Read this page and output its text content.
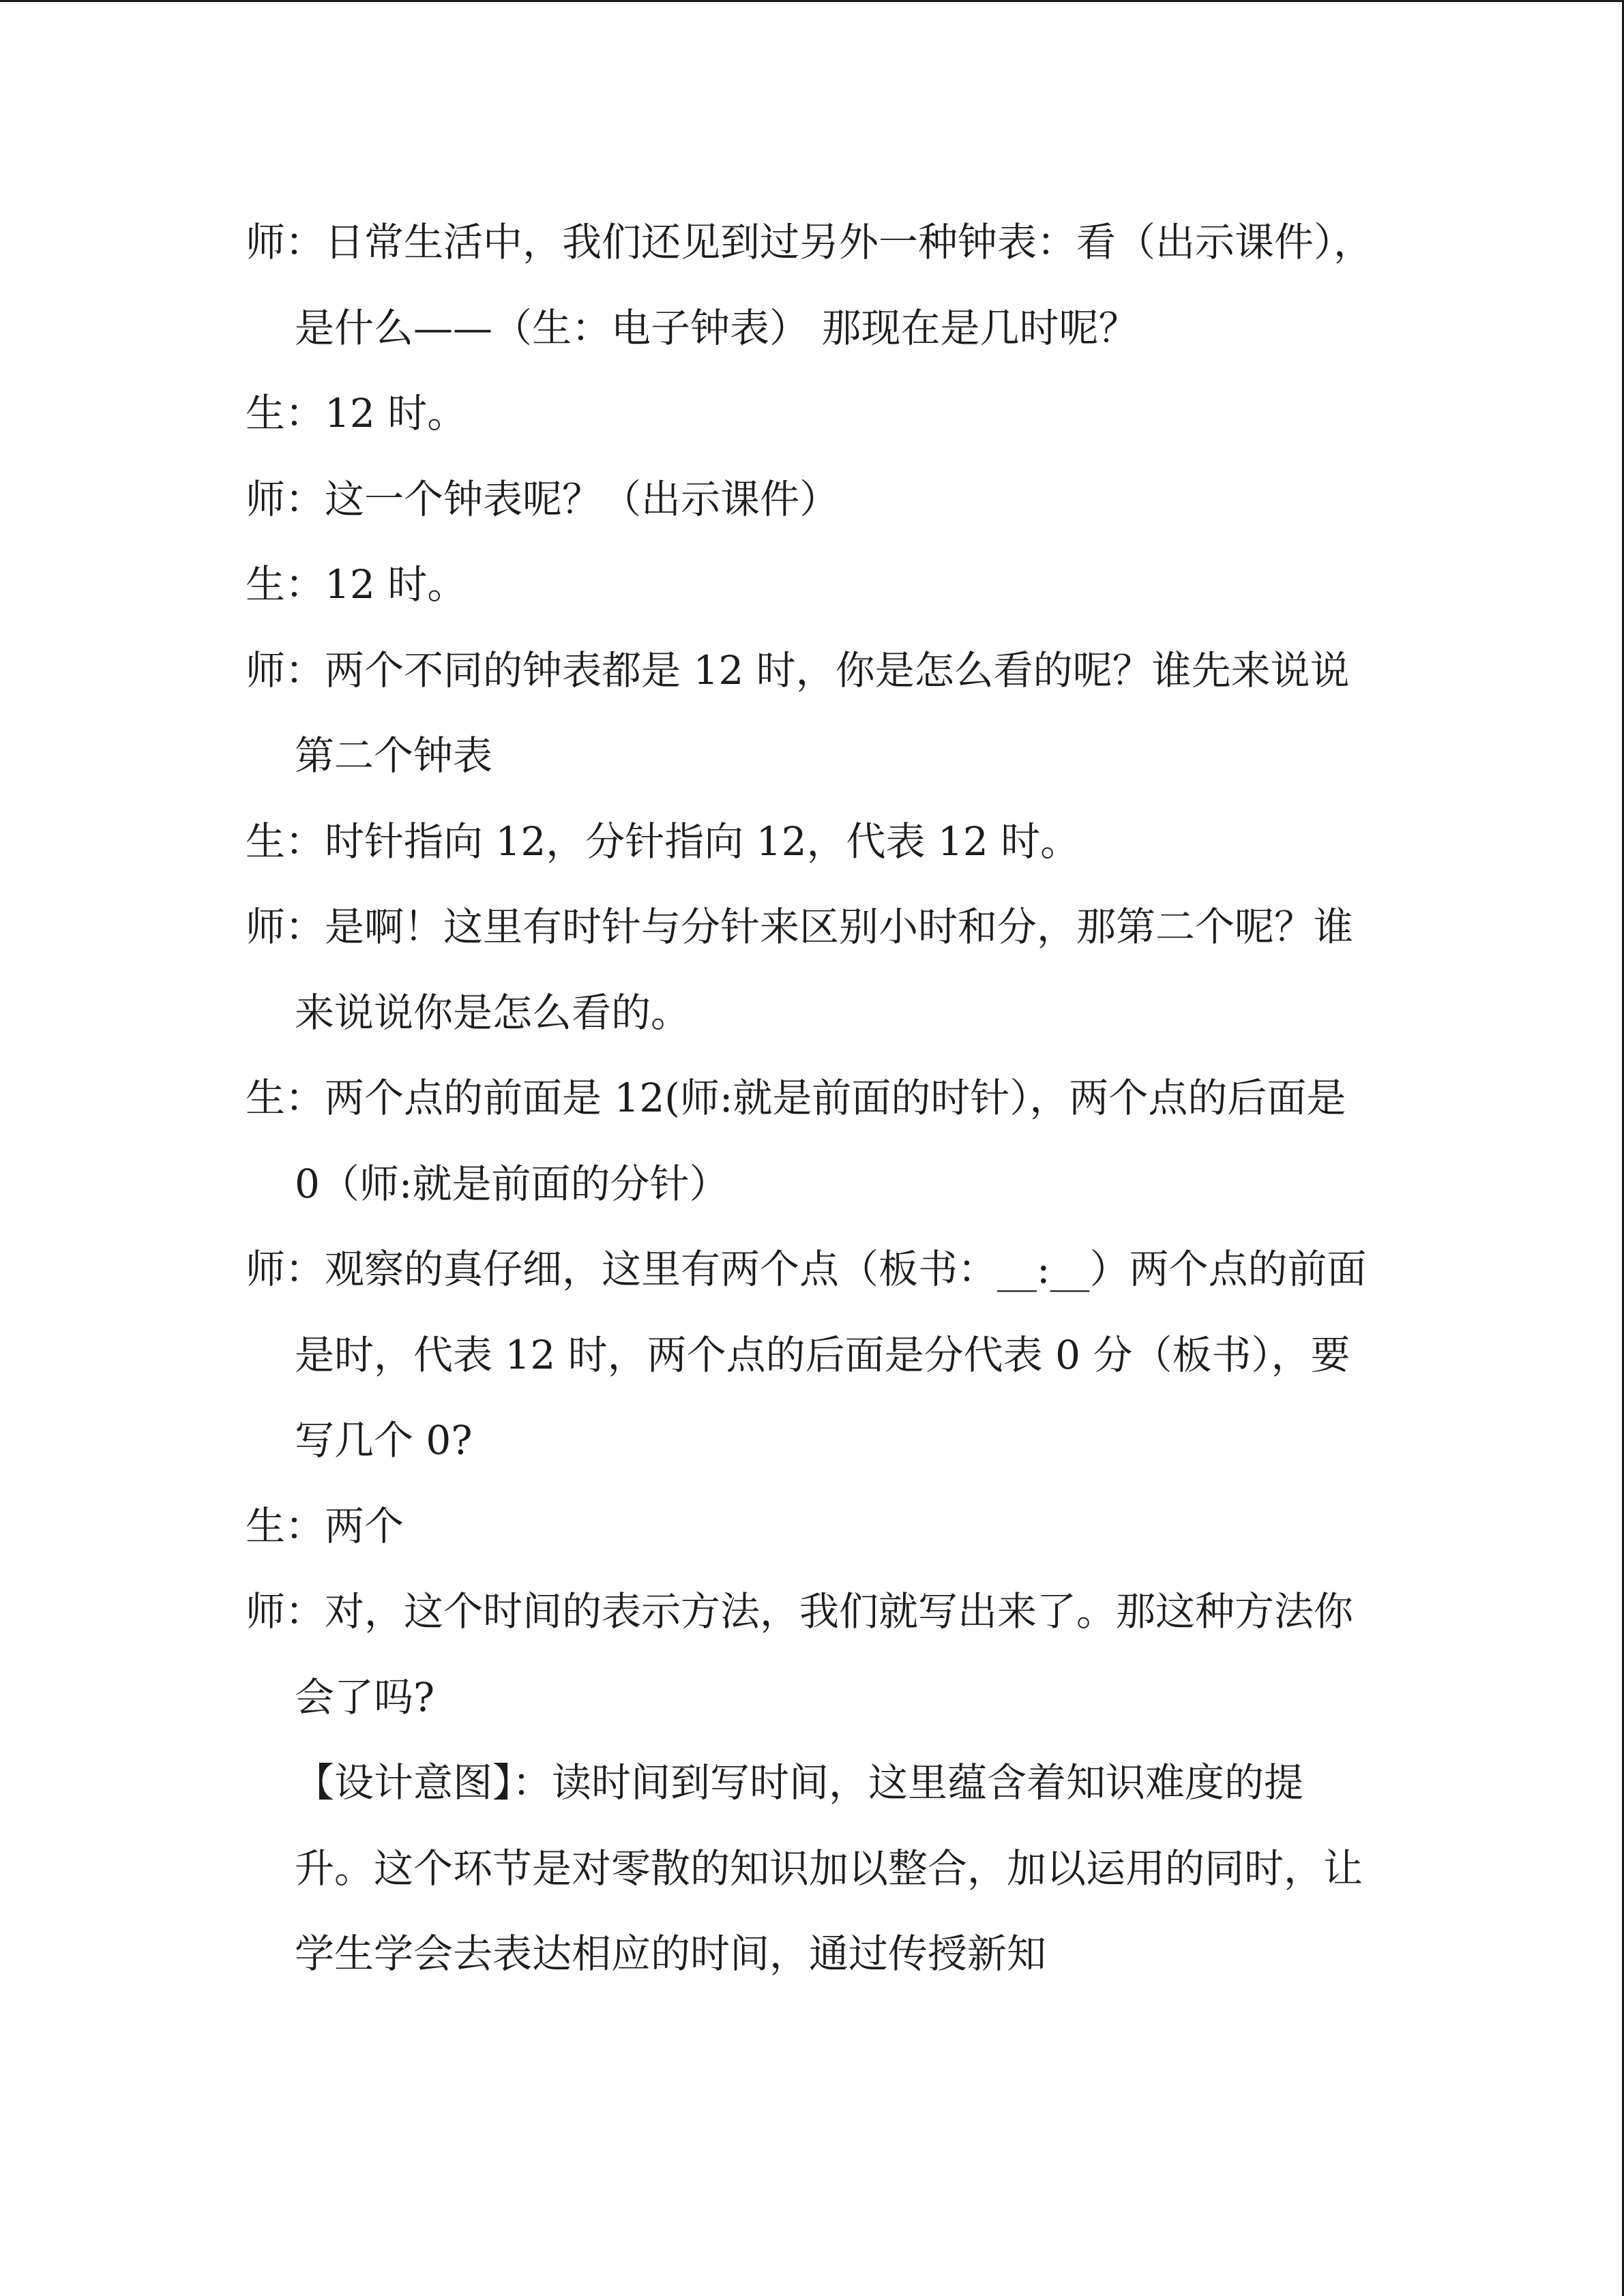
师：日常生活中，我们还见到过另外一种钟表：看（出示课件），是什么——（生：电子钟表） 那现在是几时呢？

生：12 时。

师：这一个钟表呢？（出示课件）

生：12 时。

师：两个不同的钟表都是 12 时，你是怎么看的呢？谁先来说说第二个钟表

生：时针指向 12，分针指向 12，代表 12 时。

师：是啊！这里有时针与分针来区别小时和分，那第二个呢？谁来说说你是怎么看的。

生：两个点的前面是 12(师:就是前面的时针），两个点的后面是 0（师:就是前面的分针）

师：观察的真仔细，这里有两个点（板书：__:__）两个点的前面是时，代表 12 时，两个点的后面是分代表 0 分（板书），要写几个 0?

生：两个

师：对，这个时间的表示方法，我们就写出来了。那这种方法你会了吗?

【设计意图】：读时间到写时间，这里蕴含着知识难度的提升。这个环节是对零散的知识加以整合，加以运用的同时，让学生学会去表达相应的时间，通过传授新知
